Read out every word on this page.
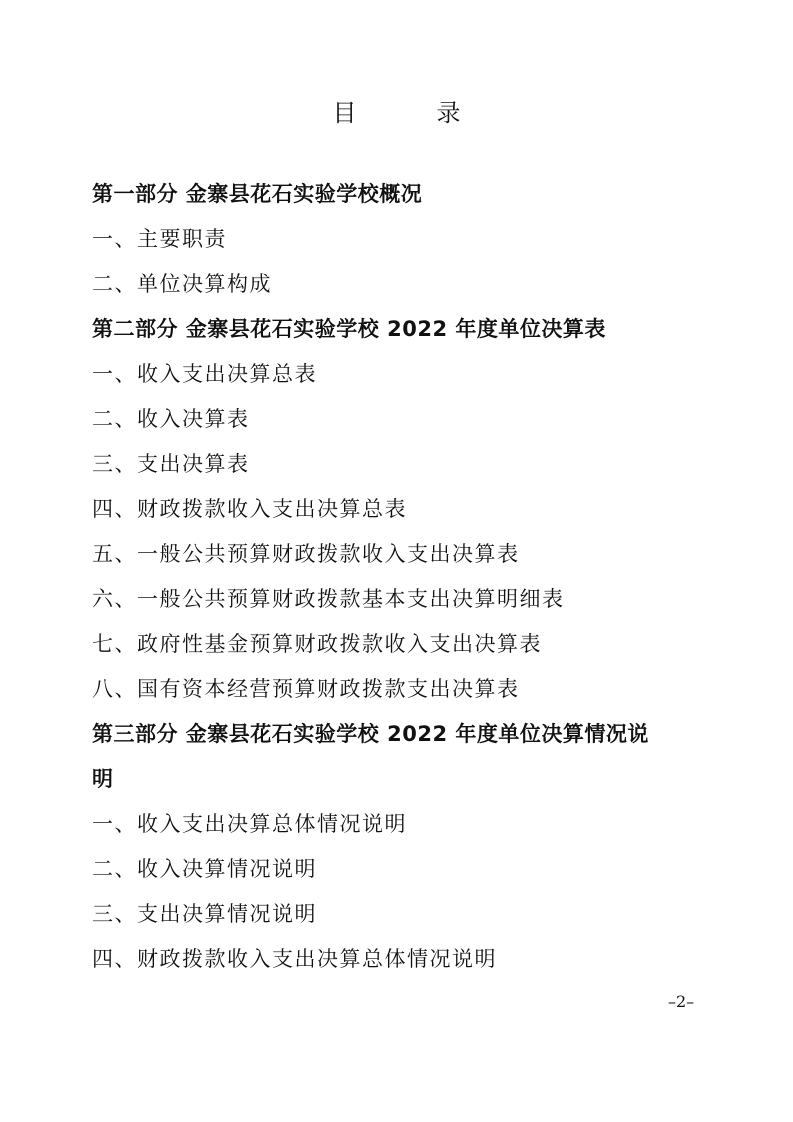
目　录
第一部分 金寨县花石实验学校概况
一、主要职责
二、单位决算构成
第二部分 金寨县花石实验学校 2022 年度单位决算表
一、收入支出决算总表
二、收入决算表
三、支出决算表
四、财政拨款收入支出决算总表
五、一般公共预算财政拨款收入支出决算表
六、一般公共预算财政拨款基本支出决算明细表
七、政府性基金预算财政拨款收入支出决算表
八、国有资本经营预算财政拨款支出决算表
第三部分 金寨县花石实验学校 2022 年度单位决算情况说
明
一、收入支出决算总体情况说明
二、收入决算情况说明
三、支出决算情况说明
四、财政拨款收入支出决算总体情况说明
–2–
